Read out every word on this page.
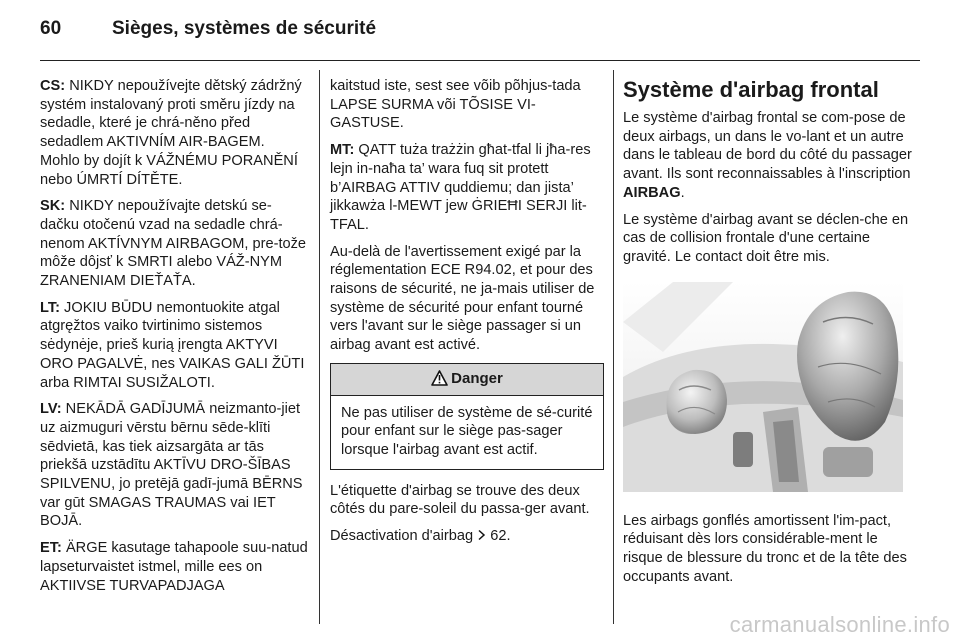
60	Sièges, systèmes de sécurité

CS: NIKDY nepoužívejte dětský zádržný systém instalovaný proti směru jízdy na sedadle, které je chrá-něno před sedadlem AKTIVNÍM AIR-BAGEM. Mohlo by dojít k VÁŽNÉMU PORANĚNÍ nebo ÚMRTÍ DÍTĚTE.

SK: NIKDY nepoužívajte detskú se-dačku otočenú vzad na sedadle chrá-nenom AKTÍVNYM AIRBAGOM, pre-tože môže dôjsť k SMRTI alebo VÁŽ-NYM ZRANENIAM DIEŤAŤA.

LT: JOKIU BŪDU nemontuokite atgal atgręžtos vaiko tvirtinimo sistemos sėdynėje, prieš kurią įrengta AKTYVI ORO PAGALVĖ, nes VAIKAS GALI ŽŪTI arba RIMTAI SUSIŽALOTI.

LV: NEKĀDĀ GADĪJUMĀ neizmanto-jiet uz aizmuguri vērstu bērnu sēde-klīti sēdvietā, kas tiek aizsargāta ar tās priekšā uzstādītu AKTĪVU DRO-ŠĪBAS SPILVENU, jo pretējā gadī-jumā BĒRNS var gūt SMAGAS TRAUMAS vai IET BOJĀ.

ET: ÄRGE kasutage tahapoole suu-natud lapseturvaistet istmel, mille ees on AKTIIVSE TURVAPADJAGA

kaitstud iste, sest see võib põhjus-tada LAPSE SURMA või TÕSISE VI-GASTUSE.

MT: QATT tuża trażżin għat-tfal li jħa-res lejn in-naħa ta’ wara fuq sit protett b’AIRBAG ATTIV quddiemu; dan jista’ jikkawża l-MEWT jew ĠRIEĦI SERJI lit-TFAL.

Au-delà de l'avertissement exigé par la réglementation ECE R94.02, et pour des raisons de sécurité, ne ja-mais utiliser de système de sécurité pour enfant tourné vers l'avant sur le siège passager si un airbag avant est activé.

Danger
Ne pas utiliser de système de sé-curité pour enfant sur le siège pas-sager lorsque l'airbag avant est actif.

L'étiquette d'airbag se trouve des deux côtés du pare-soleil du passa-ger avant.

Désactivation d'airbag 62.

Système d'airbag frontal

Le système d'airbag frontal se com-pose de deux airbags, un dans le vo-lant et un autre dans le tableau de bord du côté du passager avant. Ils sont reconnaissables à l'inscription AIRBAG.

Le système d'airbag avant se déclen-che en cas de collision frontale d'une certaine gravité. Le contact doit être mis.

Les airbags gonflés amortissent l'im-pact, réduisant dès lors considérable-ment le risque de blessure du tronc et de la tête des occupants avant.

carmanualsonline.info
